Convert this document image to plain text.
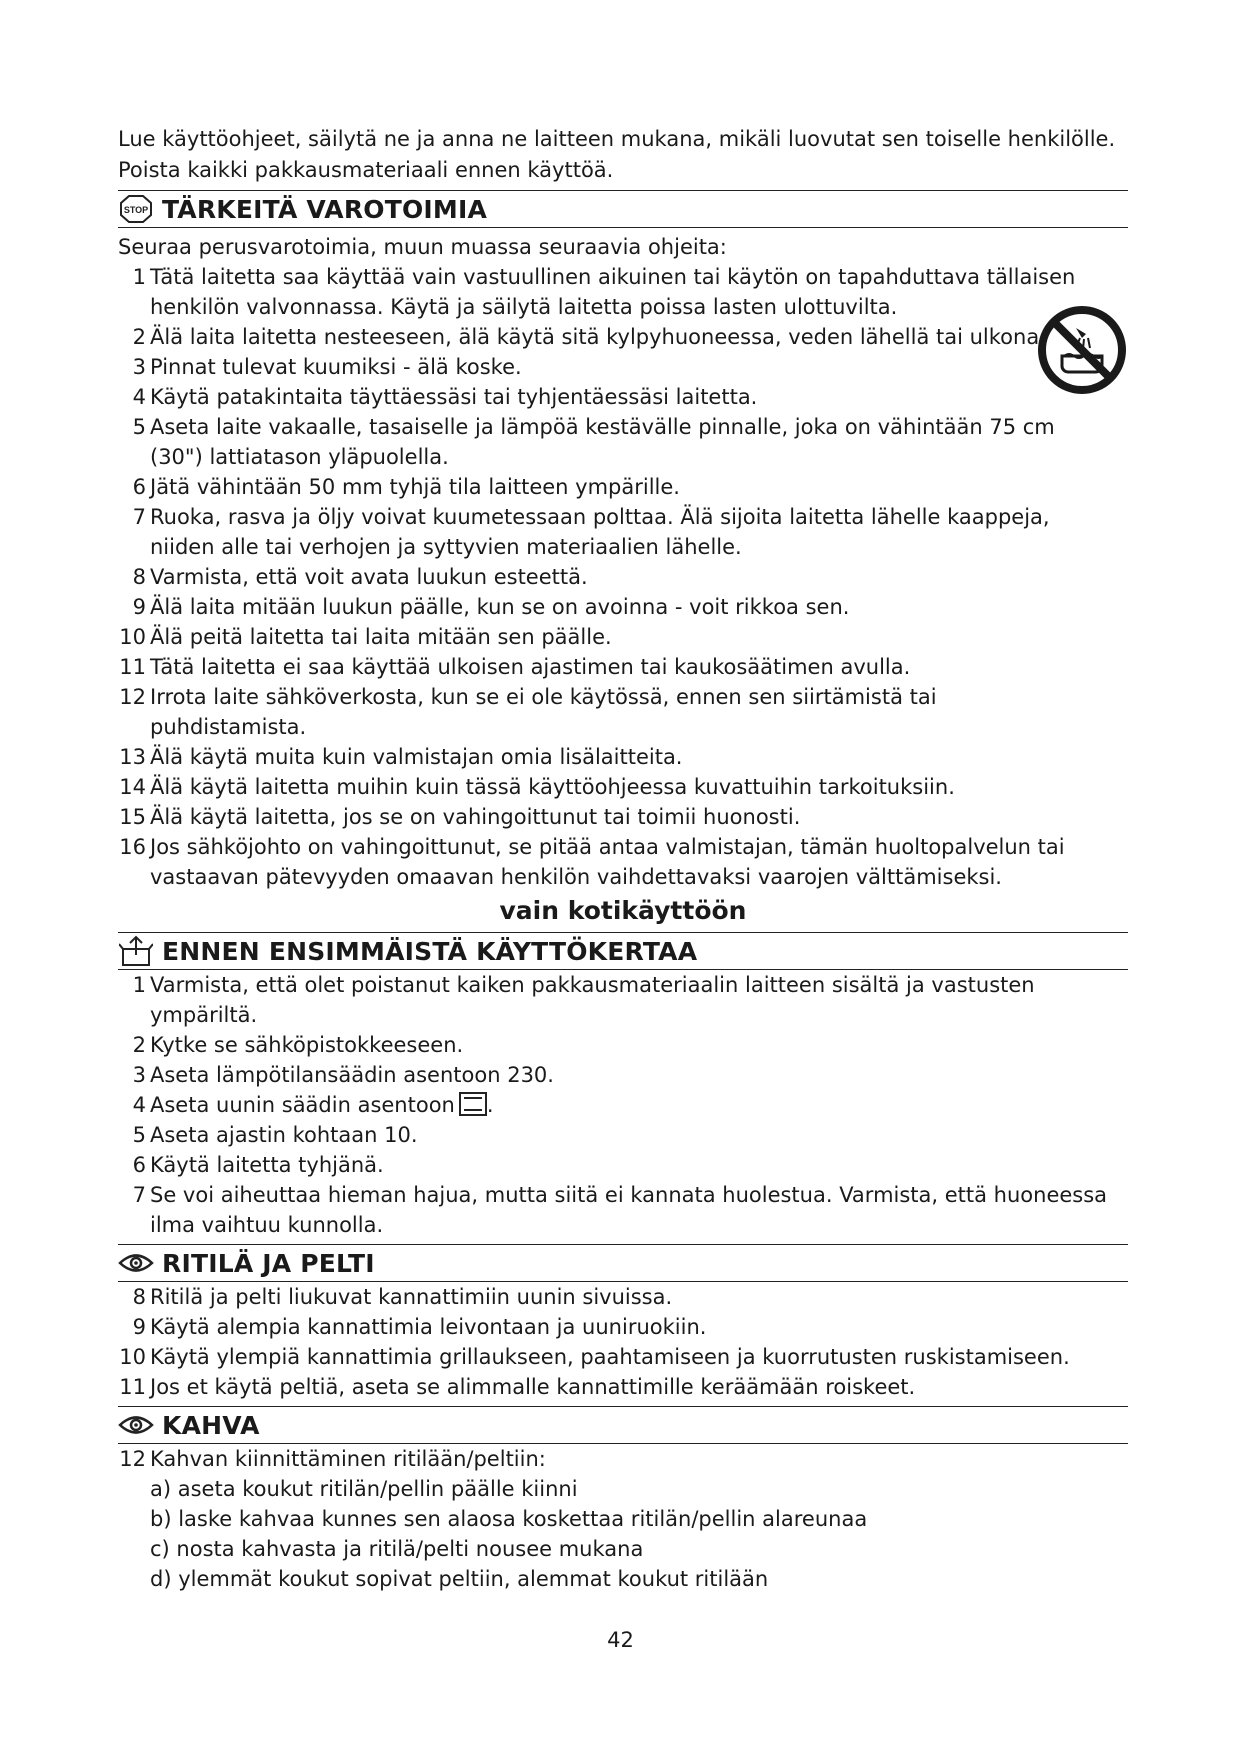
Lue käyttöohjeet, säilytä ne ja anna ne laitteen mukana, mikäli luovutat sen toiselle henkilölle.

Poista kaikki pakkausmateriaali ennen käyttöä.

STOP TÄRKEITÄ VAROTOIMIA

Seuraa perusvarotoimia, muun muassa seuraavia ohjeita:

1 Tätä laitetta saa käyttää vain vastuullinen aikuinen tai käytön on tapahduttava tällaisen henkilön valvonnassa. Käytä ja säilytä laitetta poissa lasten ulottuvilta.
2 Älä laita laitetta nesteeseen, älä käytä sitä kylpyhuoneessa, veden lähellä tai ulkona.
3 Pinnat tulevat kuumiksi - älä koske.
4 Käytä patakintaita täyttäessäsi tai tyhjentäessäsi laitetta.
5 Aseta laite vakaalle, tasaiselle ja lämpöä kestävälle pinnalle, joka on vähintään 75 cm (30") lattiatason yläpuolella.
6 Jätä vähintään 50 mm tyhjä tila laitteen ympärille.
7 Ruoka, rasva ja öljy voivat kuumetessaan polttaa. Älä sijoita laitetta lähelle kaappeja, niiden alle tai verhojen ja syttyvien materiaalien lähelle.
8 Varmista, että voit avata luukun esteettä.
9 Älä laita mitään luukun päälle, kun se on avoinna - voit rikkoa sen.
10 Älä peitä laitetta tai laita mitään sen päälle.
11 Tätä laitetta ei saa käyttää ulkoisen ajastimen tai kaukosäätimen avulla.
12 Irrota laite sähköverkosta, kun se ei ole käytössä, ennen sen siirtämistä tai puhdistamista.
13 Älä käytä muita kuin valmistajan omia lisälaitteita.
14 Älä käytä laitetta muihin kuin tässä käyttöohjeessa kuvattuihin tarkoituksiin.
15 Älä käytä laitetta, jos se on vahingoittunut tai toimii huonosti.
16 Jos sähköjohto on vahingoittunut, se pitää antaa valmistajan, tämän huoltopalvelun tai vastaavan pätevyyden omaavan henkilön vaihdettavaksi vaarojen välttämiseksi.
vain kotikäyttöön
ENNEN ENSIMMÄISTÄ KÄYTTÖKERTAA
1 Varmista, että olet poistanut kaiken pakkausmateriaalin laitteen sisältä ja vastusten ympäriltä.
2 Kytke se sähköpistokkeeseen.
3 Aseta lämpötilansäädin asentoon 230.
4 Aseta uunin säädin asentoon .
5 Aseta ajastin kohtaan 10.
6 Käytä laitetta tyhjänä.
7 Se voi aiheuttaa hieman hajua, mutta siitä ei kannata huolestua. Varmista, että huoneessa ilma vaihtuu kunnolla.
RITILÄ JA PELTI
8 Ritilä ja pelti liukuvat kannattimiin uunin sivuissa.
9 Käytä alempia kannattimia leivontaan ja uuniruokiin.
10 Käytä ylempiä kannattimia grillaukseen, paahtamiseen ja kuorrutusten ruskistamiseen.
11 Jos et käytä peltiä, aseta se alimmalle kannattimille keräämään roiskeet.
KAHVA
12 Kahvan kiinnittäminen ritilään/peltiin:
a) aseta koukut ritilän/pellin päälle kiinni
b) laske kahvaa kunnes sen alaosa koskettaa ritilän/pellin alareunaa
c) nosta kahvasta ja ritilä/pelti nousee mukana
d) ylemmät koukut sopivat peltiin, alemmat koukut ritilään
42
